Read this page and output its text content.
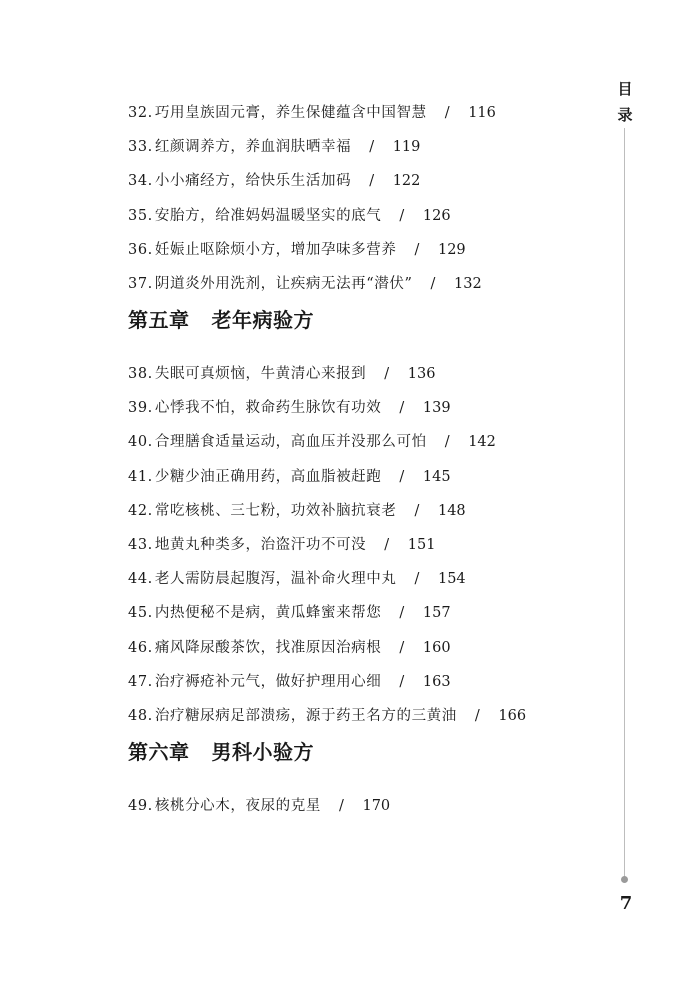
32. 巧用皇族固元膏，养生保健蕴含中国智慧 / 116
33. 红颜调养方，养血润肤晒幸福 / 119
34. 小小痛经方，给快乐生活加码 / 122
35. 安胎方，给准妈妈温暖坚实的底气 / 126
36. 妊娠止呕除烦小方，增加孕味多营养 / 129
37. 阴道炎外用洗剂，让疾病无法再“潜伏” / 132
第五章 老年病验方
38. 失眠可真烦恼，牛黄清心来报到 / 136
39. 心悸我不怕，救命药生脉饮有功效 / 139
40. 合理膳食适量运动，高血压并没那么可怕 / 142
41. 少糖少油正确用药，高血脂被赶跑 / 145
42. 常吃核桃、三七粉，功效补脑抗衰老 / 148
43. 地黄丸种类多，治盗汗功不可没 / 151
44. 老人需防晨起腹泻，温补命火理中丸 / 154
45. 内热便秘不是病，黄瓜蜂蜜来帮您 / 157
46. 痛风降尿酸茶饮，找准原因治病根 / 160
47. 治疗褥疮补元气，做好护理用心细 / 163
48. 治疗糖尿病足部溃疡，源于药王名方的三黄油 / 166
第六章 男科小验方
49. 核桃分心木，夜尿的克星 / 170
目
录
7
